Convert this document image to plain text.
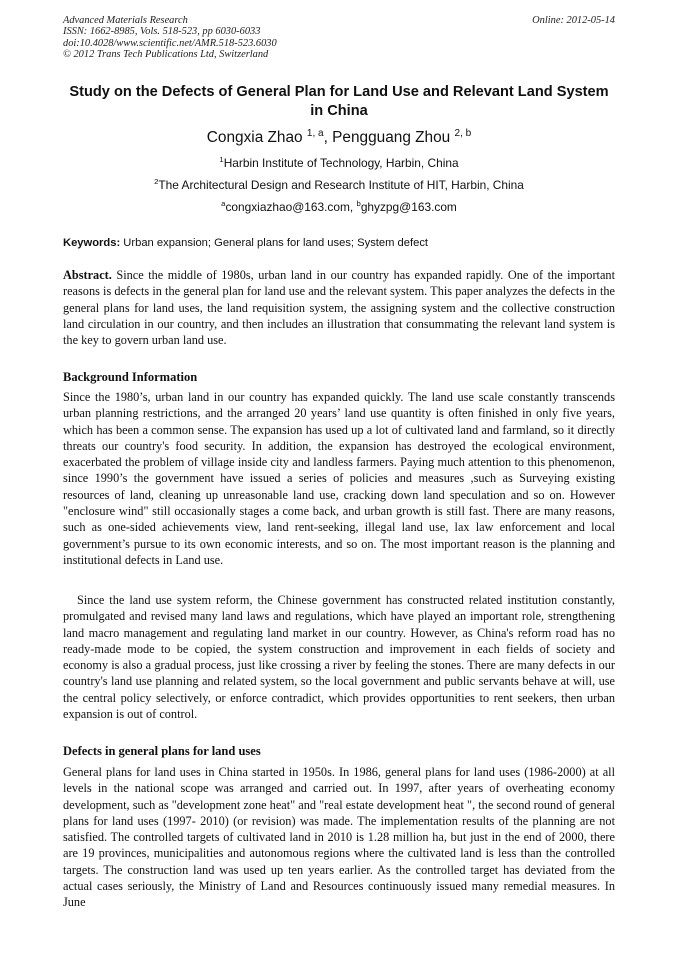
Advanced Materials Research
ISSN: 1662-8985, Vols. 518-523, pp 6030-6033
doi:10.4028/www.scientific.net/AMR.518-523.6030
© 2012 Trans Tech Publications Ltd, Switzerland
Online: 2012-05-14
Study on the Defects of General Plan for Land Use and Relevant Land System in China
Congxia Zhao $^{1, a}$, Pengguang Zhou $^{2, b}$
$^1$Harbin Institute of Technology, Harbin, China
$^2$The Architectural Design and Research Institute of HIT, Harbin, China
$^a$congxiazhao@163.com, $^b$ghyzpg@163.com
Keywords: Urban expansion; General plans for land uses; System defect

Abstract. Since the middle of 1980s, urban land in our country has expanded rapidly. One of the important reasons is defects in the general plan for land use and the relevant system. This paper analyzes the defects in the general plans for land uses, the land requisition system, the assigning system and the collective construction land circulation in our country, and then includes an illustration that consummating the relevant land system is the key to govern urban land use.

Background Information

Since the 1980’s, urban land in our country has expanded quickly. The land use scale constantly transcends urban planning restrictions, and the arranged 20 years’ land use quantity is often finished in only five years, which has been a common sense. The expansion has used up a lot of cultivated land and farmland, so it directly threats our country's food security. In addition, the expansion has destroyed the ecological environment, exacerbated the problem of village inside city and landless farmers. Paying much attention to this phenomenon, since 1990’s the government have issued a series of policies and measures ,such as Surveying existing resources of land, cleaning up unreasonable land use, cracking down land speculation and so on. However "enclosure wind" still occasionally stages a come back, and urban growth is still fast. There are many reasons, such as one-sided achievements view, land rent-seeking, illegal land use, lax law enforcement and local government’s pursue to its own economic interests, and so on. The most important reason is the planning and institutional defects in Land use.

Since the land use system reform, the Chinese government has constructed related institution constantly, promulgated and revised many land laws and regulations, which have played an important role, strengthening land macro management and regulating land market in our country. However, as China's reform road has no ready-made mode to be copied, the system construction and improvement in each fields of society and economy is also a gradual process, just like crossing a river by feeling the stones. There are many defects in our country's land use planning and related system, so the local government and public servants behave at will, use the central policy selectively, or enforce contradict, which provides opportunities to rent seekers, then urban expansion is out of control.

Defects in general plans for land uses

General plans for land uses in China started in 1950s. In 1986, general plans for land uses (1986-2000) at all levels in the national scope was arranged and carried out. In 1997, after years of overheating economy development, such as "development zone heat" and "real estate development heat ", the second round of general plans for land uses (1997- 2010) (or revision) was made. The implementation results of the planning are not satisfied. The controlled targets of cultivated land in 2010 is 1.28 million ha, but just in the end of 2000, there are 19 provinces, municipalities and autonomous regions where the cultivated land is less than the controlled targets. The construction land was used up ten years earlier. As the controlled target has deviated from the actual cases seriously, the Ministry of Land and Resources continuously issued many remedial measures. In June
